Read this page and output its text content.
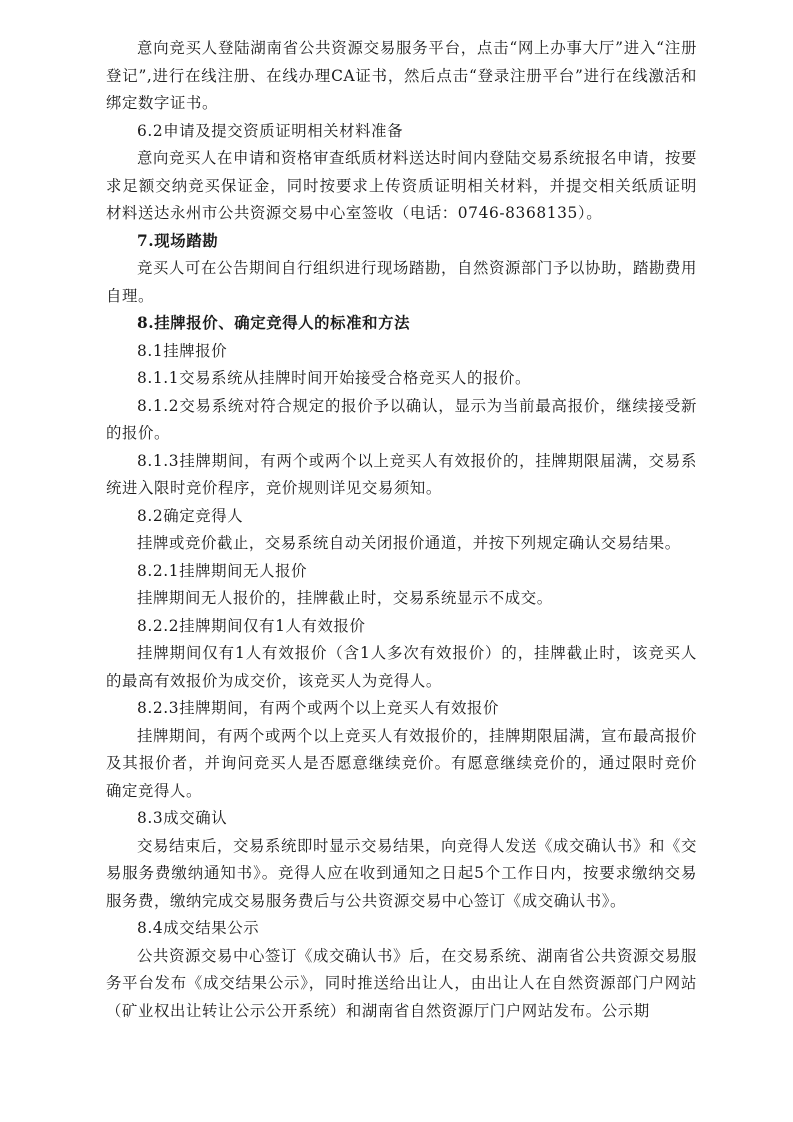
意向竞买人登陆湖南省公共资源交易服务平台，点击“网上办事大厅”进入“注册登记”,进行在线注册、在线办理CA证书，然后点击“登录注册平台”进行在线激活和绑定数字证书。

6.2申请及提交资质证明相关材料准备

意向竞买人在申请和资格审查纸质材料送达时间内登陆交易系统报名申请，按要求足额交纳竞买保证金，同时按要求上传资质证明相关材料，并提交相关纸质证明材料送达永州市公共资源交易中心室签收（电话：0746-8368135）。

7.现场踏勘

竞买人可在公告期间自行组织进行现场踏勘，自然资源部门予以协助，踏勘费用自理。

8.挂牌报价、确定竞得人的标准和方法

8.1挂牌报价

8.1.1交易系统从挂牌时间开始接受合格竞买人的报价。

8.1.2交易系统对符合规定的报价予以确认，显示为当前最高报价，继续接受新的报价。

8.1.3挂牌期间，有两个或两个以上竞买人有效报价的，挂牌期限届满，交易系统进入限时竞价程序，竞价规则详见交易须知。

8.2确定竞得人

挂牌或竞价截止，交易系统自动关闭报价通道，并按下列规定确认交易结果。

8.2.1挂牌期间无人报价

挂牌期间无人报价的，挂牌截止时，交易系统显示不成交。

8.2.2挂牌期间仅有1人有效报价

挂牌期间仅有1人有效报价（含1人多次有效报价）的，挂牌截止时，该竞买人的最高有效报价为成交价，该竞买人为竞得人。

8.2.3挂牌期间，有两个或两个以上竞买人有效报价

挂牌期间，有两个或两个以上竞买人有效报价的，挂牌期限届满，宣布最高报价及其报价者，并询问竞买人是否愿意继续竞价。有愿意继续竞价的，通过限时竞价确定竞得人。

8.3成交确认

交易结束后，交易系统即时显示交易结果，向竞得人发送《成交确认书》和《交易服务费缴纳通知书》。竞得人应在收到通知之日起5个工作日内，按要求缴纳交易服务费，缴纳完成交易服务费后与公共资源交易中心签订《成交确认书》。

8.4成交结果公示

公共资源交易中心签订《成交确认书》后，在交易系统、湖南省公共资源交易服务平台发布《成交结果公示》，同时推送给出让人，由出让人在自然资源部门户网站（矿业权出让转让公示公开系统）和湖南省自然资源厅门户网站发布。公示期
